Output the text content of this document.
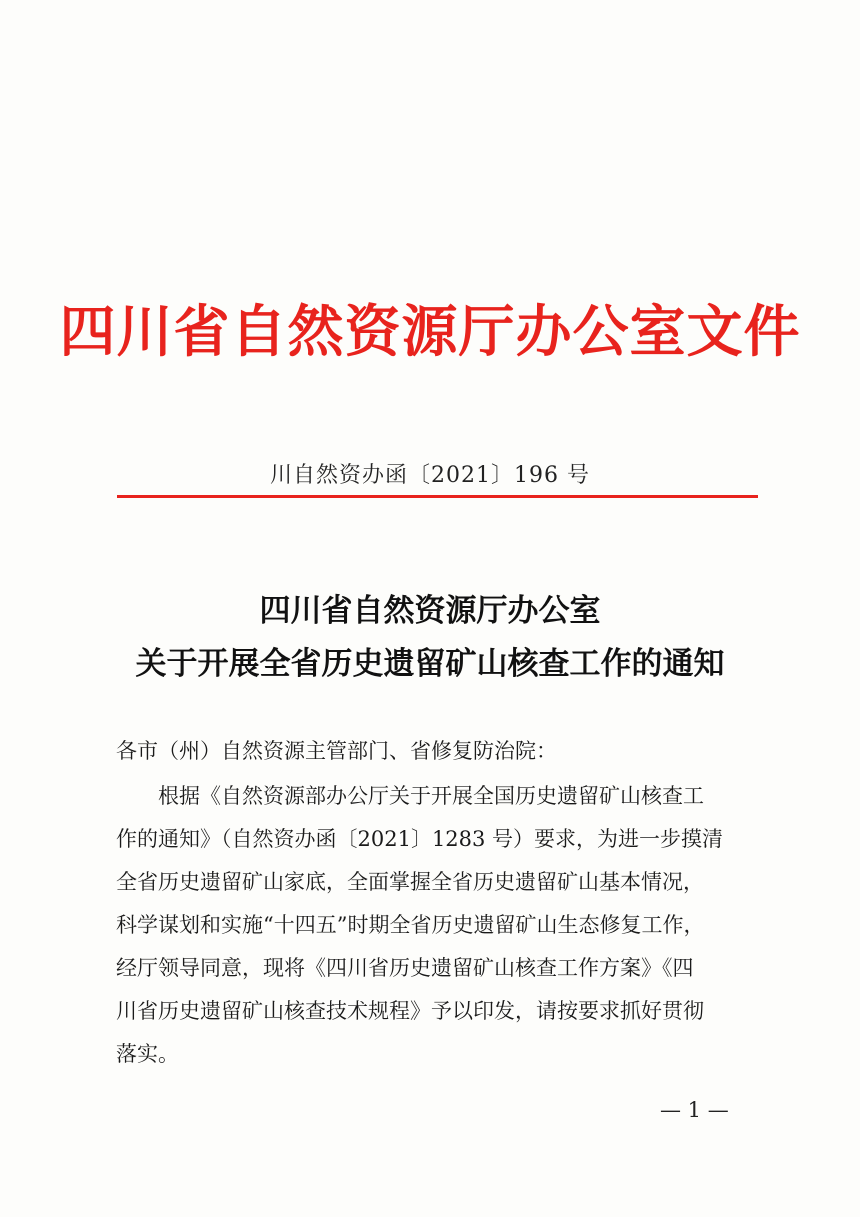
四川省自然资源厅办公室文件
川自然资办函〔2021〕196 号
四川省自然资源厅办公室
关于开展全省历史遗留矿山核查工作的通知
各市（州）自然资源主管部门、省修复防治院：
根据《自然资源部办公厅关于开展全国历史遗留矿山核查工
作的通知》（自然资办函〔2021〕1283 号）要求，为进一步摸清
全省历史遗留矿山家底，全面掌握全省历史遗留矿山基本情况，
科学谋划和实施“十四五”时期全省历史遗留矿山生态修复工作，
经厅领导同意，现将《四川省历史遗留矿山核查工作方案》《四
川省历史遗留矿山核查技术规程》予以印发，请按要求抓好贯彻
落实。
— 1 —
